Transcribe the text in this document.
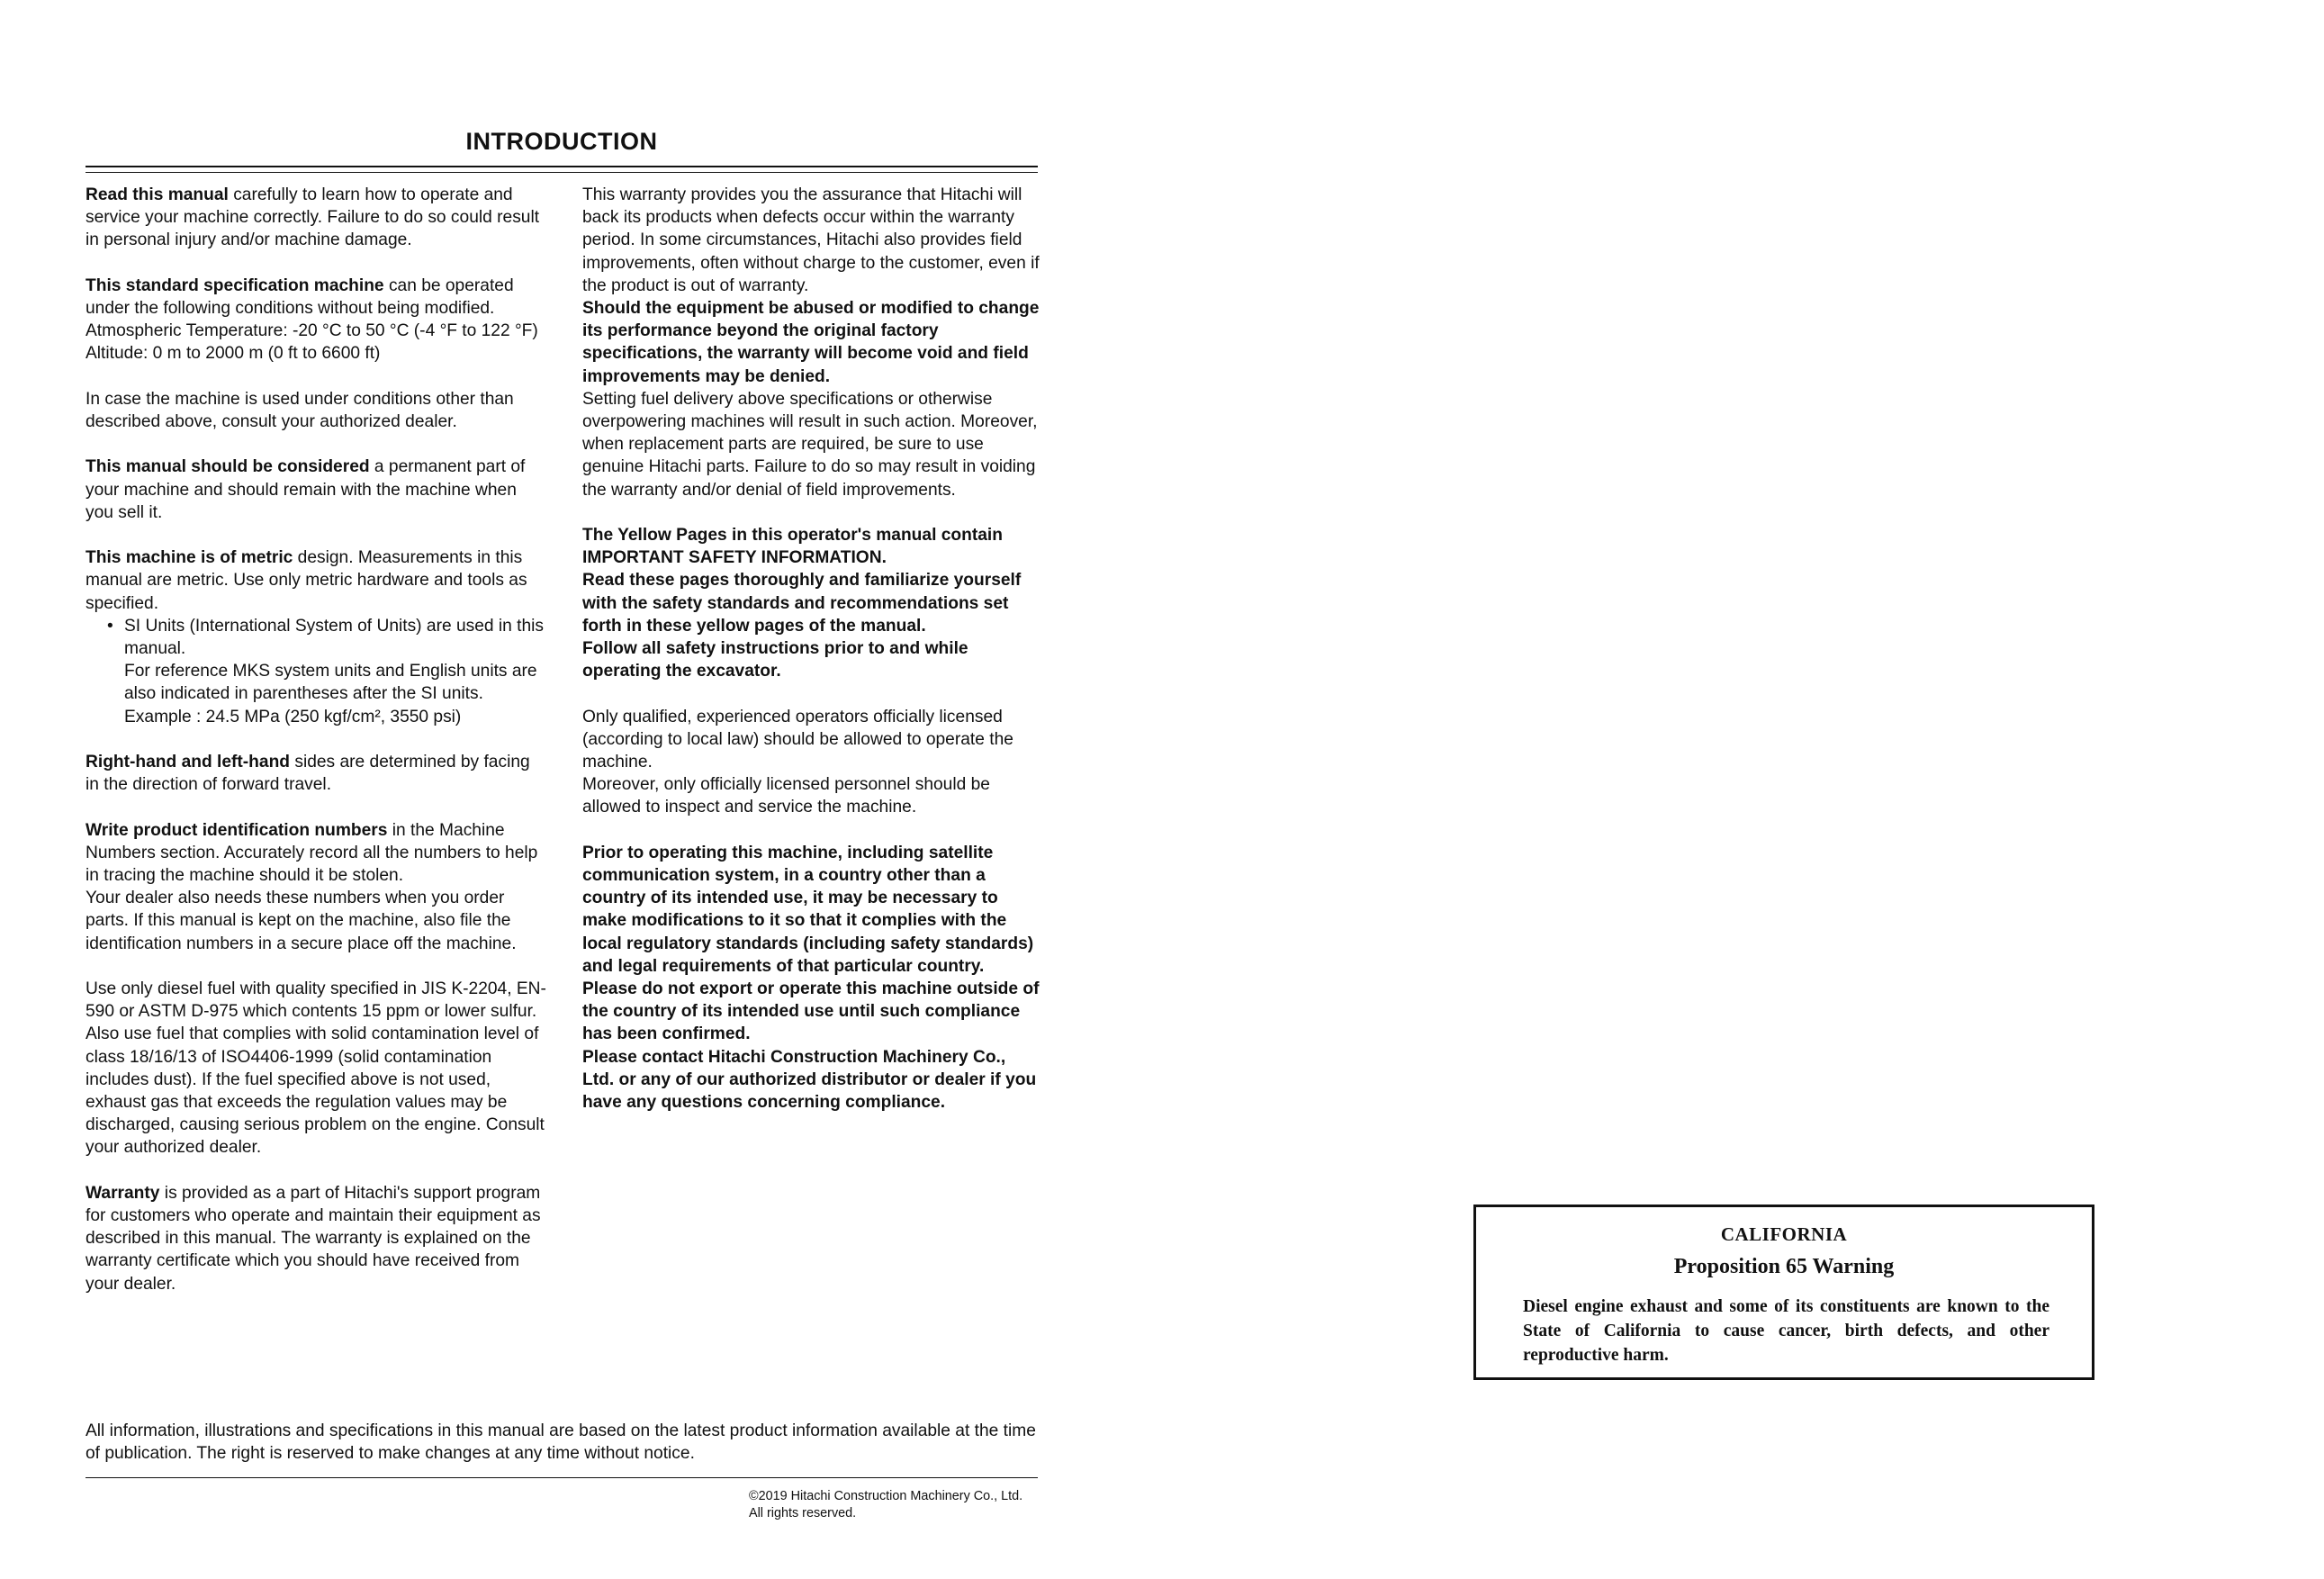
INTRODUCTION

Read this manual carefully to learn how to operate and service your machine correctly. Failure to do so could result in personal injury and/or machine damage.

This standard specification machine can be operated under the following conditions without being modified.
Atmospheric Temperature: -20 °C to 50 °C (-4 °F to 122 °F)
Altitude: 0 m to 2000 m (0 ft to 6600 ft)

In case the machine is used under conditions other than described above, consult your authorized dealer.

This manual should be considered a permanent part of your machine and should remain with the machine when you sell it.

This machine is of metric design. Measurements in this manual are metric. Use only metric hardware and tools as specified.

• SI Units (International System of Units) are used in this manual.
For reference MKS system units and English units are also indicated in parentheses after the SI units.
Example : 24.5 MPa (250 kgf/cm², 3550 psi)

Right-hand and left-hand sides are determined by facing in the direction of forward travel.

Write product identification numbers in the Machine Numbers section. Accurately record all the numbers to help in tracing the machine should it be stolen.
Your dealer also needs these numbers when you order parts. If this manual is kept on the machine, also file the identification numbers in a secure place off the machine.

Use only diesel fuel with quality specified in JIS K-2204, EN-590 or ASTM D-975 which contents 15 ppm or lower sulfur.
Also use fuel that complies with solid contamination level of class 18/16/13 of ISO4406-1999 (solid contamination includes dust). If the fuel specified above is not used, exhaust gas that exceeds the regulation values may be discharged, causing serious problem on the engine. Consult your authorized dealer.

Warranty is provided as a part of Hitachi's support program for customers who operate and maintain their equipment as described in this manual. The warranty is explained on the warranty certificate which you should have received from your dealer.

This warranty provides you the assurance that Hitachi will back its products when defects occur within the warranty period. In some circumstances, Hitachi also provides field improvements, often without charge to the customer, even if the product is out of warranty.

Should the equipment be abused or modified to change its performance beyond the original factory specifications, the warranty will become void and field improvements may be denied.

Setting fuel delivery above specifications or otherwise overpowering machines will result in such action. Moreover, when replacement parts are required, be sure to use genuine Hitachi parts. Failure to do so may result in voiding the warranty and/or denial of field improvements.

The Yellow Pages in this operator's manual contain IMPORTANT SAFETY INFORMATION.

Read these pages thoroughly and familiarize yourself with the safety standards and recommendations set forth in these yellow pages of the manual.

Follow all safety instructions prior to and while operating the excavator.

Only qualified, experienced operators officially licensed (according to local law) should be allowed to operate the machine.

Moreover, only officially licensed personnel should be allowed to inspect and service the machine.

Prior to operating this machine, including satellite communication system, in a country other than a country of its intended use, it may be necessary to make modifications to it so that it complies with the local regulatory standards (including safety standards) and legal requirements of that particular country. Please do not export or operate this machine outside of the country of its intended use until such compliance has been confirmed.

Please contact Hitachi Construction Machinery Co., Ltd. or any of our authorized distributor or dealer if you have any questions concerning compliance.

All information, illustrations and specifications in this manual are based on the latest product information available at the time of publication. The right is reserved to make changes at any time without notice.
©2019 Hitachi Construction Machinery Co., Ltd.
All rights reserved.
CALIFORNIA
Proposition 65 Warning
Diesel engine exhaust and some of its constituents are known to the State of California to cause cancer, birth defects, and other reproductive harm.
